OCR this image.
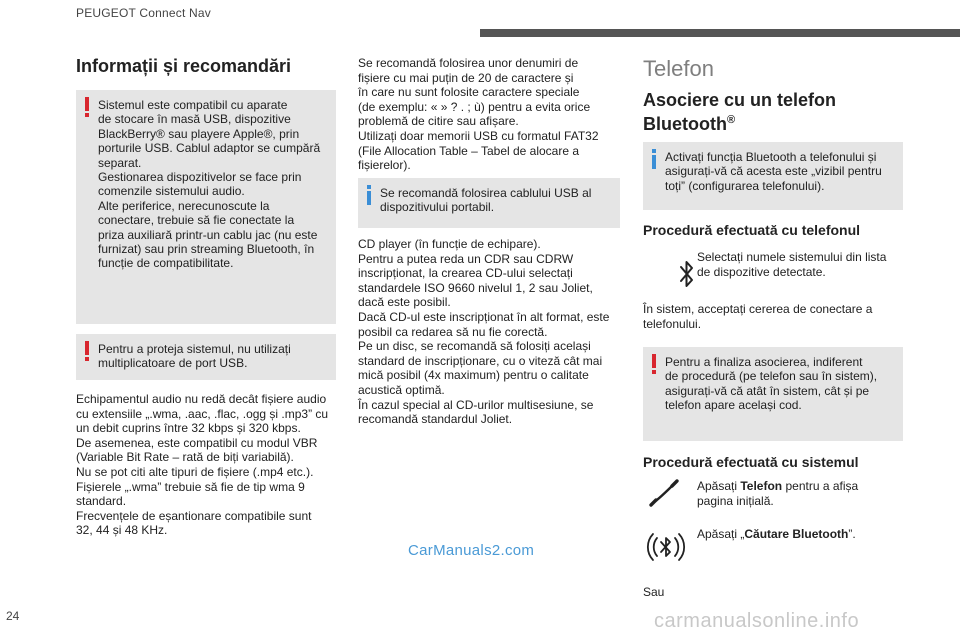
PEUGEOT Connect Nav
Informații și recomandări
Sistemul este compatibil cu aparate
de stocare în masă USB, dispozitive
BlackBerry® sau playere Apple®, prin
porturile USB. Cablul adaptor se cumpără
separat.
Gestionarea dispozitivelor se face prin
comenzile sistemului audio.
Alte periferice, nerecunoscute la
conectare, trebuie să fie conectate la
priza auxiliară printr-un cablu jac (nu este
furnizat) sau prin streaming Bluetooth, în
funcție de compatibilitate.
Pentru a proteja sistemul, nu utilizați
multiplicatoare de port USB.
Echipamentul audio nu redă decât fișiere audio
cu extensiile „.wma, .aac, .flac, .ogg și .mp3” cu
un debit cuprins între 32 kbps și 320 kbps.
De asemenea, este compatibil cu modul VBR
(Variable Bit Rate – rată de biți variabilă).
Nu se pot citi alte tipuri de fișiere (.mp4 etc.).
Fișierele „.wma” trebuie să fie de tip wma 9
standard.
Frecvențele de eșantionare compatibile sunt
32, 44 și 48 KHz.
Se recomandă folosirea unor denumiri de
fișiere cu mai puțin de 20 de caractere și
în care nu sunt folosite caractere speciale
(de exemplu: « » ? . ; ù) pentru a evita orice
problemă de citire sau afișare.
Utilizați doar memorii USB cu formatul FAT32
(File Allocation Table – Tabel de alocare a
fișierelor).
Se recomandă folosirea cablului USB al
dispozitivului portabil.
CD player (în funcție de echipare).
Pentru a putea reda un CDR sau CDRW
inscripționat, la crearea CD-ului selectați
standardele ISO 9660 nivelul 1, 2 sau Joliet,
dacă este posibil.
Dacă CD-ul este inscripționat în alt format, este
posibil ca redarea să nu fie corectă.
Pe un disc, se recomandă să folosiți același
standard de inscripționare, cu o viteză cât mai
mică posibil (4x maximum) pentru o calitate
acustică optimă.
În cazul special al CD-urilor multisesiune, se
recomandă standardul Joliet.
Telefon
Asociere cu un telefon
Bluetooth®
Activați funcția Bluetooth a telefonului și
asigurați-vă că acesta este „vizibil pentru
toți” (configurarea telefonului).
Procedură efectuată cu telefonul
Selectați numele sistemului din lista
de dispozitive detectate.
În sistem, acceptați cererea de conectare a
telefonului.
Pentru a finaliza asocierea, indiferent
de procedură (pe telefon sau în sistem),
asigurați-vă că atât în sistem, cât și pe
telefon apare același cod.
Procedură efectuată cu sistemul
Apăsați Telefon pentru a afișa
pagina inițială.
Apăsați „Căutare Bluetooth”.
Sau
24
CarManuals2.com
carmanualsonline.info
